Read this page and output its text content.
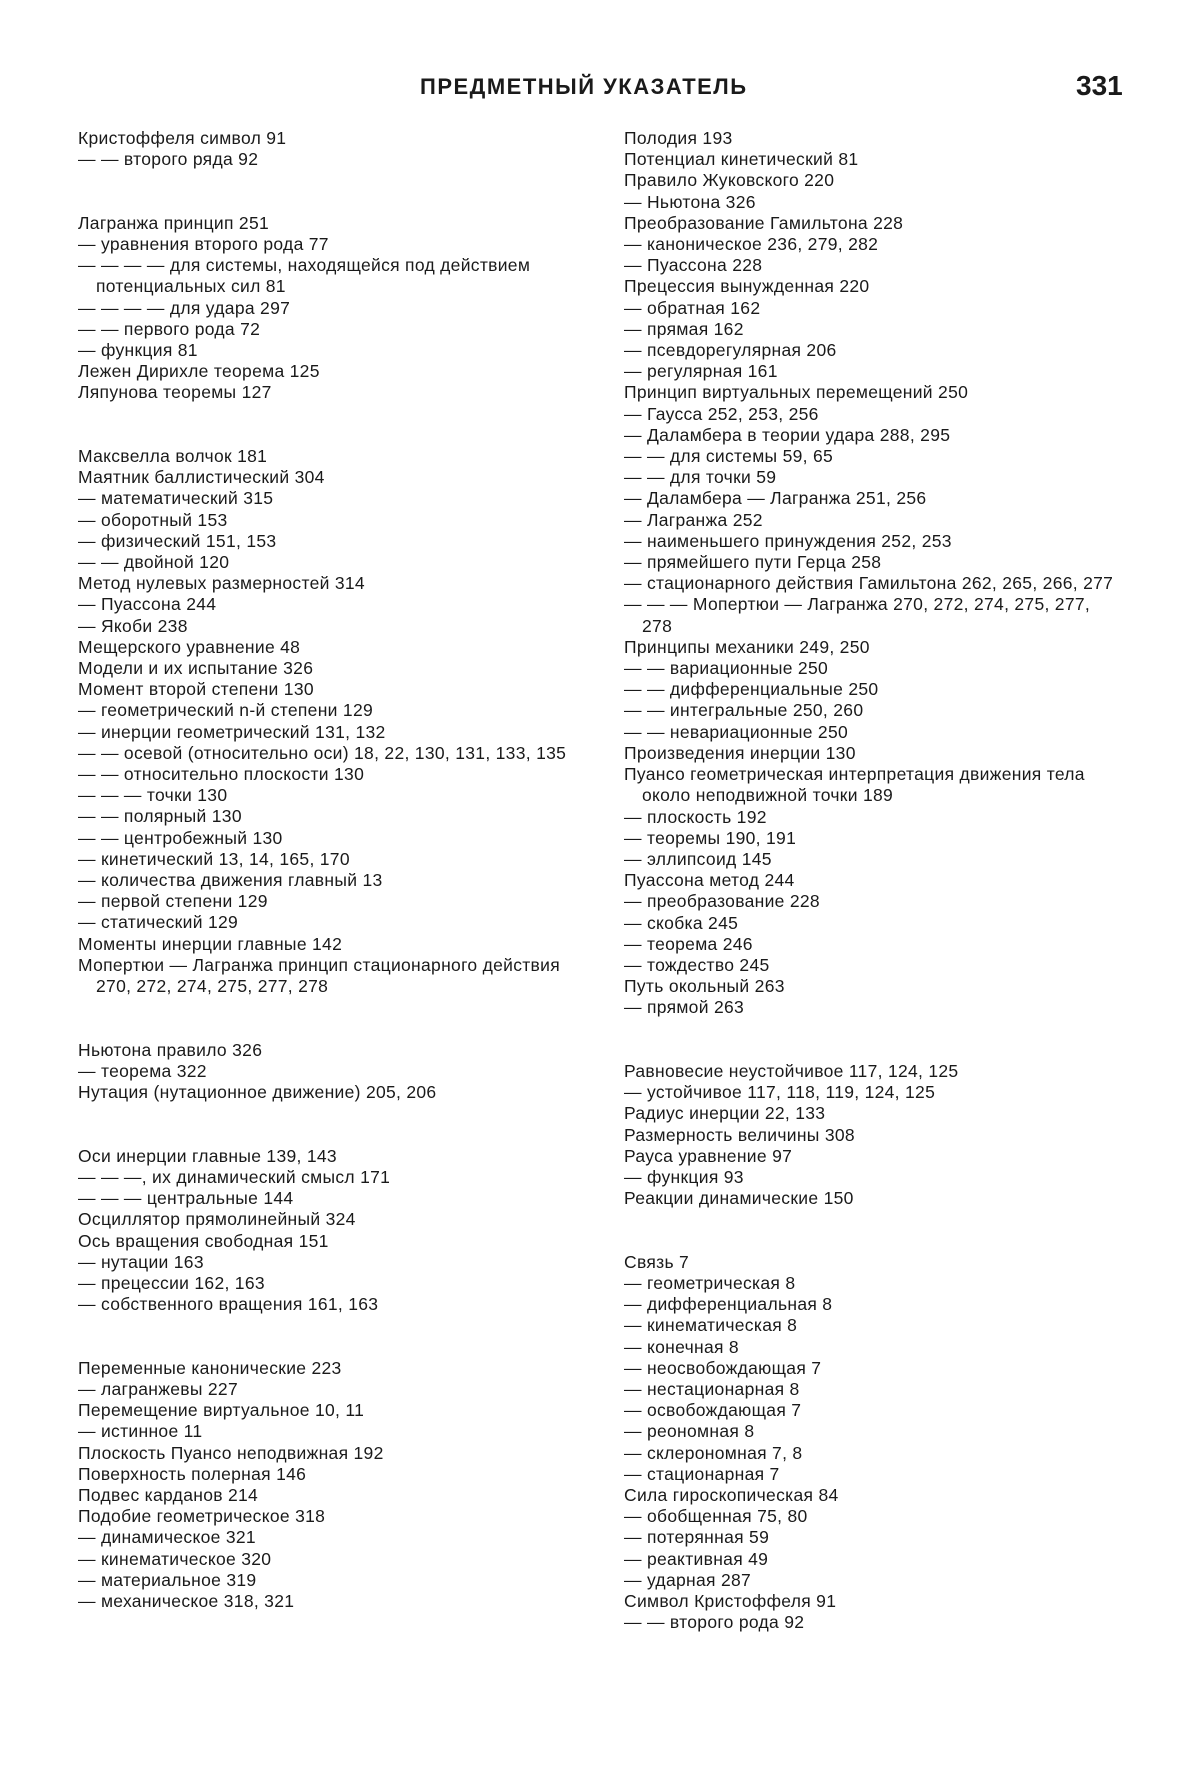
ПРЕДМЕТНЫЙ УКАЗАТЕЛЬ	331
Кристоффеля символ 91
— — второго ряда 92
Лагранжа принцип 251
— уравнения второго рода 77
— — — — для системы, находящейся под действием потенциальных сил 81
— — — — для удара 297
— — первого рода 72
— функция 81
Лежен Дирихле теорема 125
Ляпунова теоремы 127
Максвелла волчок 181
Маятник баллистический 304
— математический 315
— оборотный 153
— физический 151, 153
— — двойной 120
Метод нулевых размерностей 314
— Пуассона 244
— Якоби 238
Мещерского уравнение 48
Модели и их испытание 326
Момент второй степени 130
— геометрический n-й степени 129
— инерции геометрический 131, 132
— — осевой (относительно оси) 18, 22, 130, 131, 133, 135
— — относительно плоскости 130
— — — точки 130
— — полярный 130
— — центробежный 130
— кинетический 13, 14, 165, 170
— количества движения главный 13
— первой степени 129
— статический 129
Моменты инерции главные 142
Мопертюи — Лагранжа принцип стационарного действия 270, 272, 274, 275, 277, 278
Ньютона правило 326
— теорема 322
Нутация (нутационное движение) 205, 206
Оси инерции главные 139, 143
— — —, их динамический смысл 171
— — — центральные 144
Осциллятор прямолинейный 324
Ось вращения свободная 151
— нутации 163
— прецессии 162, 163
— собственного вращения 161, 163
Переменные канонические 223
— лагранжевы 227
Перемещение виртуальное 10, 11
— истинное 11
Плоскость Пуансо неподвижная 192
Поверхность полерная 146
Подвес карданов 214
Подобие геометрическое 318
— динамическое 321
— кинематическое 320
— материальное 319
— механическое 318, 321
Полодия 193
Потенциал кинетический 81
Правило Жуковского 220
— Ньютона 326
Преобразование Гамильтона 228
— каноническое 236, 279, 282
— Пуассона 228
Прецессия вынужденная 220
— обратная 162
— прямая 162
— псевдорегулярная 206
— регулярная 161
Принцип виртуальных перемещений 250
— Гаусса 252, 253, 256
— Даламбера в теории удара 288, 295
— — для системы 59, 65
— — для точки 59
— Даламбера — Лагранжа 251, 256
— Лагранжа 252
— наименьшего принуждения 252, 253
— прямейшего пути Герца 258
— стационарного действия Гамильтона 262, 265, 266, 277
— — — Мопертюи — Лагранжа 270, 272, 274, 275, 277, 278
Принципы механики 249, 250
— — вариационные 250
— — дифференциальные 250
— — интегральные 250, 260
— — невариационные 250
Произведения инерции 130
Пуансо геометрическая интерпретация движения тела около неподвижной точки 189
— плоскость 192
— теоремы 190, 191
— эллипсоид 145
Пуассона метод 244
— преобразование 228
— скобка 245
— теорема 246
— тождество 245
Путь окольный 263
— прямой 263
Равновесие неустойчивое 117, 124, 125
— устойчивое 117, 118, 119, 124, 125
Радиус инерции 22, 133
Размерность величины 308
Рауса уравнение 97
— функция 93
Реакции динамические 150
Связь 7
— геометрическая 8
— дифференциальная 8
— кинематическая 8
— конечная 8
— неосвобождающая 7
— нестационарная 8
— освобождающая 7
— реономная 8
— склерономная 7, 8
— стационарная 7
Сила гироскопическая 84
— обобщенная 75, 80
— потерянная 59
— реактивная 49
— ударная 287
Символ Кристоффеля 91
— — второго рода 92
